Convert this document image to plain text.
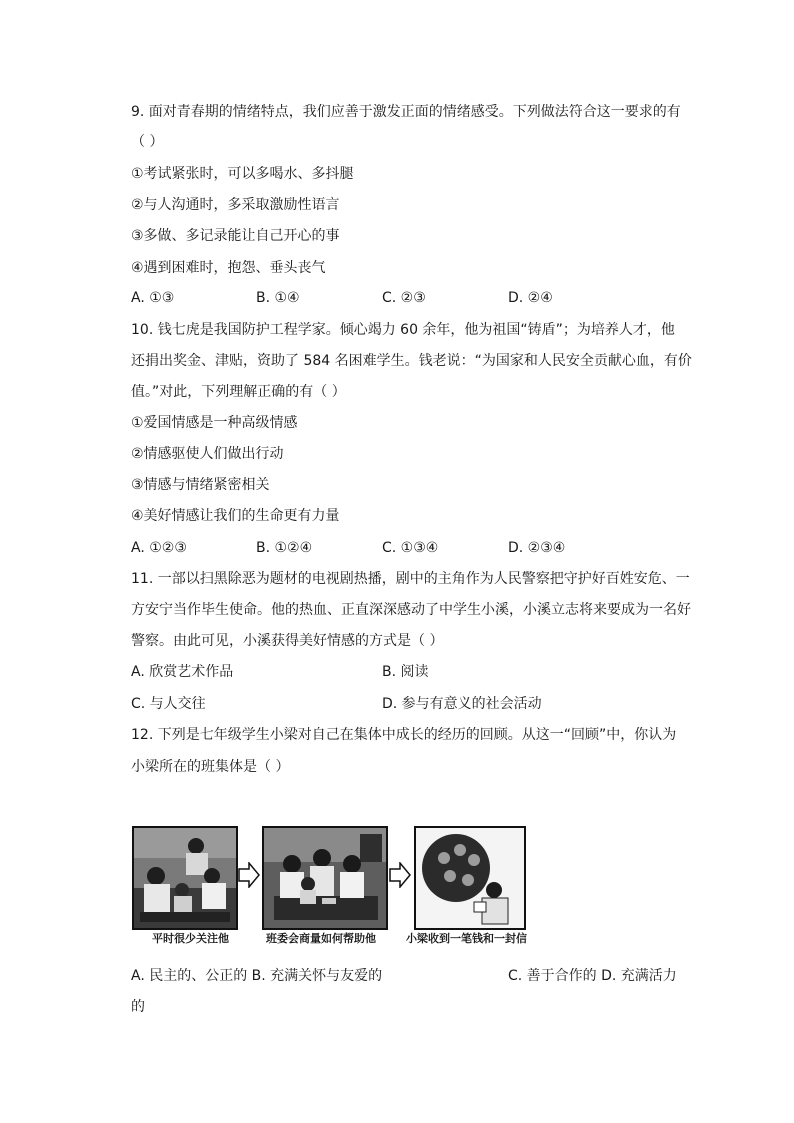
9. 面对青春期的情绪特点，我们应善于激发正面的情绪感受。下列做法符合这一要求的有
（ ）
①考试紧张时，可以多喝水、多抖腿
②与人沟通时，多采取激励性语言
③多做、多记录能让自己开心的事
④遇到困难时，抱怨、垂头丧气
A. ①③	B. ①④	C. ②③	D. ②④
10. 钱七虎是我国防护工程学家。倾心竭力 60 余年，他为祖国“铸盾”；为培养人才，他
还捐出奖金、津贴，资助了 584 名困难学生。钱老说：“为国家和人民安全贡献心血，有价
值。”对此，下列理解正确的有（ ）
①爱国情感是一种高级情感
②情感驱使人们做出行动
③情感与情绪紧密相关
④美好情感让我们的生命更有力量
A. ①②③	B. ①②④	C. ①③④	D. ②③④
11. 一部以扫黑除恶为题材的电视剧热播，剧中的主角作为人民警察把守护好百姓安危、一
方安宁当作毕生使命。他的热血、正直深深感动了中学生小溪，小溪立志将来要成为一名好
警察。由此可见，小溪获得美好情感的方式是（ ）
A. 欣赏艺术作品	B. 阅读
C. 与人交往	D. 参与有意义的社会活动
12. 下列是七年级学生小梁对自己在集体中成长的经历的回顾。从这一“回顾”中，你认为
小梁所在的班集体是（ ）
平时很少关注他	班委会商量如何帮助他	小梁收到一笔钱和一封信
A. 民主的、公正的 B. 充满关怀与友爱的	C. 善于合作的 D. 充满活力
的
